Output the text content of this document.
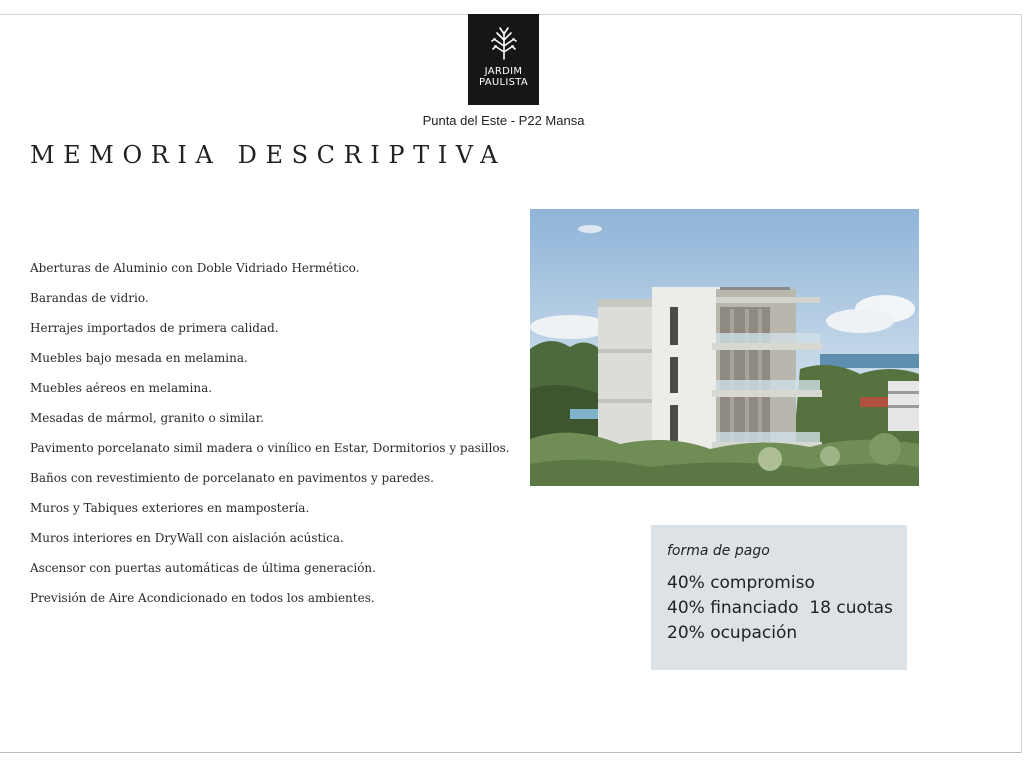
JARDIM
PAULISTA
Punta del Este - P22 Mansa
MEMORIA DESCRIPTIVA
Aberturas de Aluminio con Doble Vidriado Hermético.
Barandas de vidrio.
Herrajes importados de primera calidad.
Muebles bajo mesada en melamina.
Muebles aéreos en melamina.
Mesadas de mármol, granito o similar.
Pavimento porcelanato simil madera o vinílico en Estar, Dormitorios y pasillos.
Baños con revestimiento de porcelanato en pavimentos y paredes.
Muros y Tabiques exteriores en mampostería.
Muros interiores en DryWall con aislación acústica.
Ascensor con puertas automáticas de última generación.
Previsión de Aire Acondicionado en todos los ambientes.
forma de pago
40% compromiso
40% financiado  18 cuotas
20% ocupación
